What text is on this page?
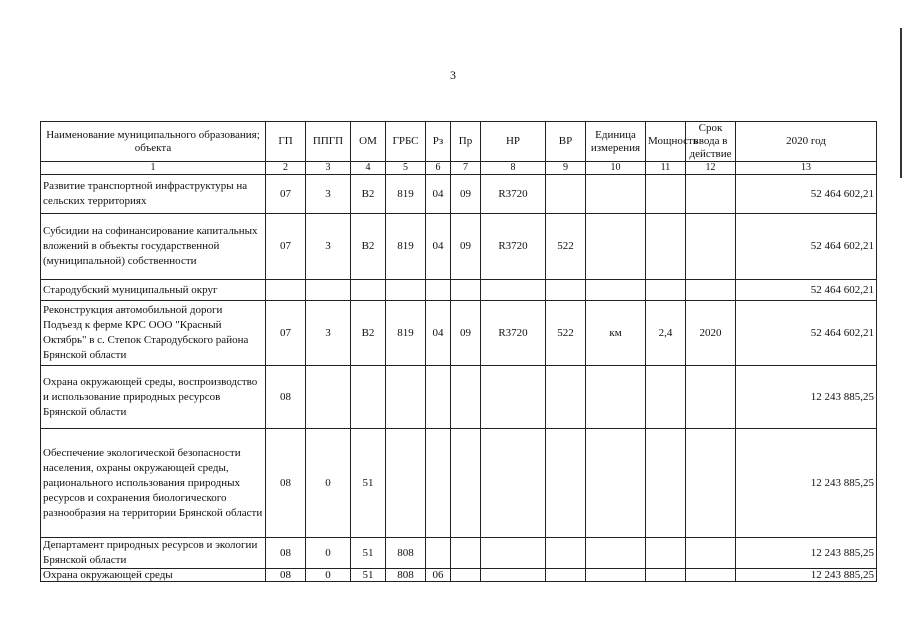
3
Наименование муниципального образования; объекта	ГП	ППГП	ОМ	ГРБС	Рз	Пр	НР	ВР	Единица измерения	Мощность	Срок ввода в действие	2020 год
1	2	3	4	5	6	7	8	9	10	11	12	13
Развитие транспортной инфраструктуры на сельских территориях	07	3	В2	819	04	09	R3720					52 464 602,21
Субсидии на софинансирование капитальных вложений в объекты государственной (муниципальной) собственности	07	3	В2	819	04	09	R3720	522				52 464 602,21
Стародубский муниципальный округ												52 464 602,21
Реконструкция автомобильной дороги Подъезд к ферме КРС ООО "Красный Октябрь" в с. Степок Стародубского района Брянской области	07	3	В2	819	04	09	R3720	522	км	2,4	2020	52 464 602,21
Охрана окружающей среды, воспроизводство и использование природных ресурсов Брянской области	08											12 243 885,25
Обеспечение экологической безопасности населения, охраны окружающей среды, рационального использования природных ресурсов и сохранения биологического разнообразия на территории Брянской области	08	0	51									12 243 885,25
Департамент природных ресурсов и экологии Брянской области	08	0	51	808								12 243 885,25
Охрана окружающей среды	08	0	51	808	06							12 243 885,25
